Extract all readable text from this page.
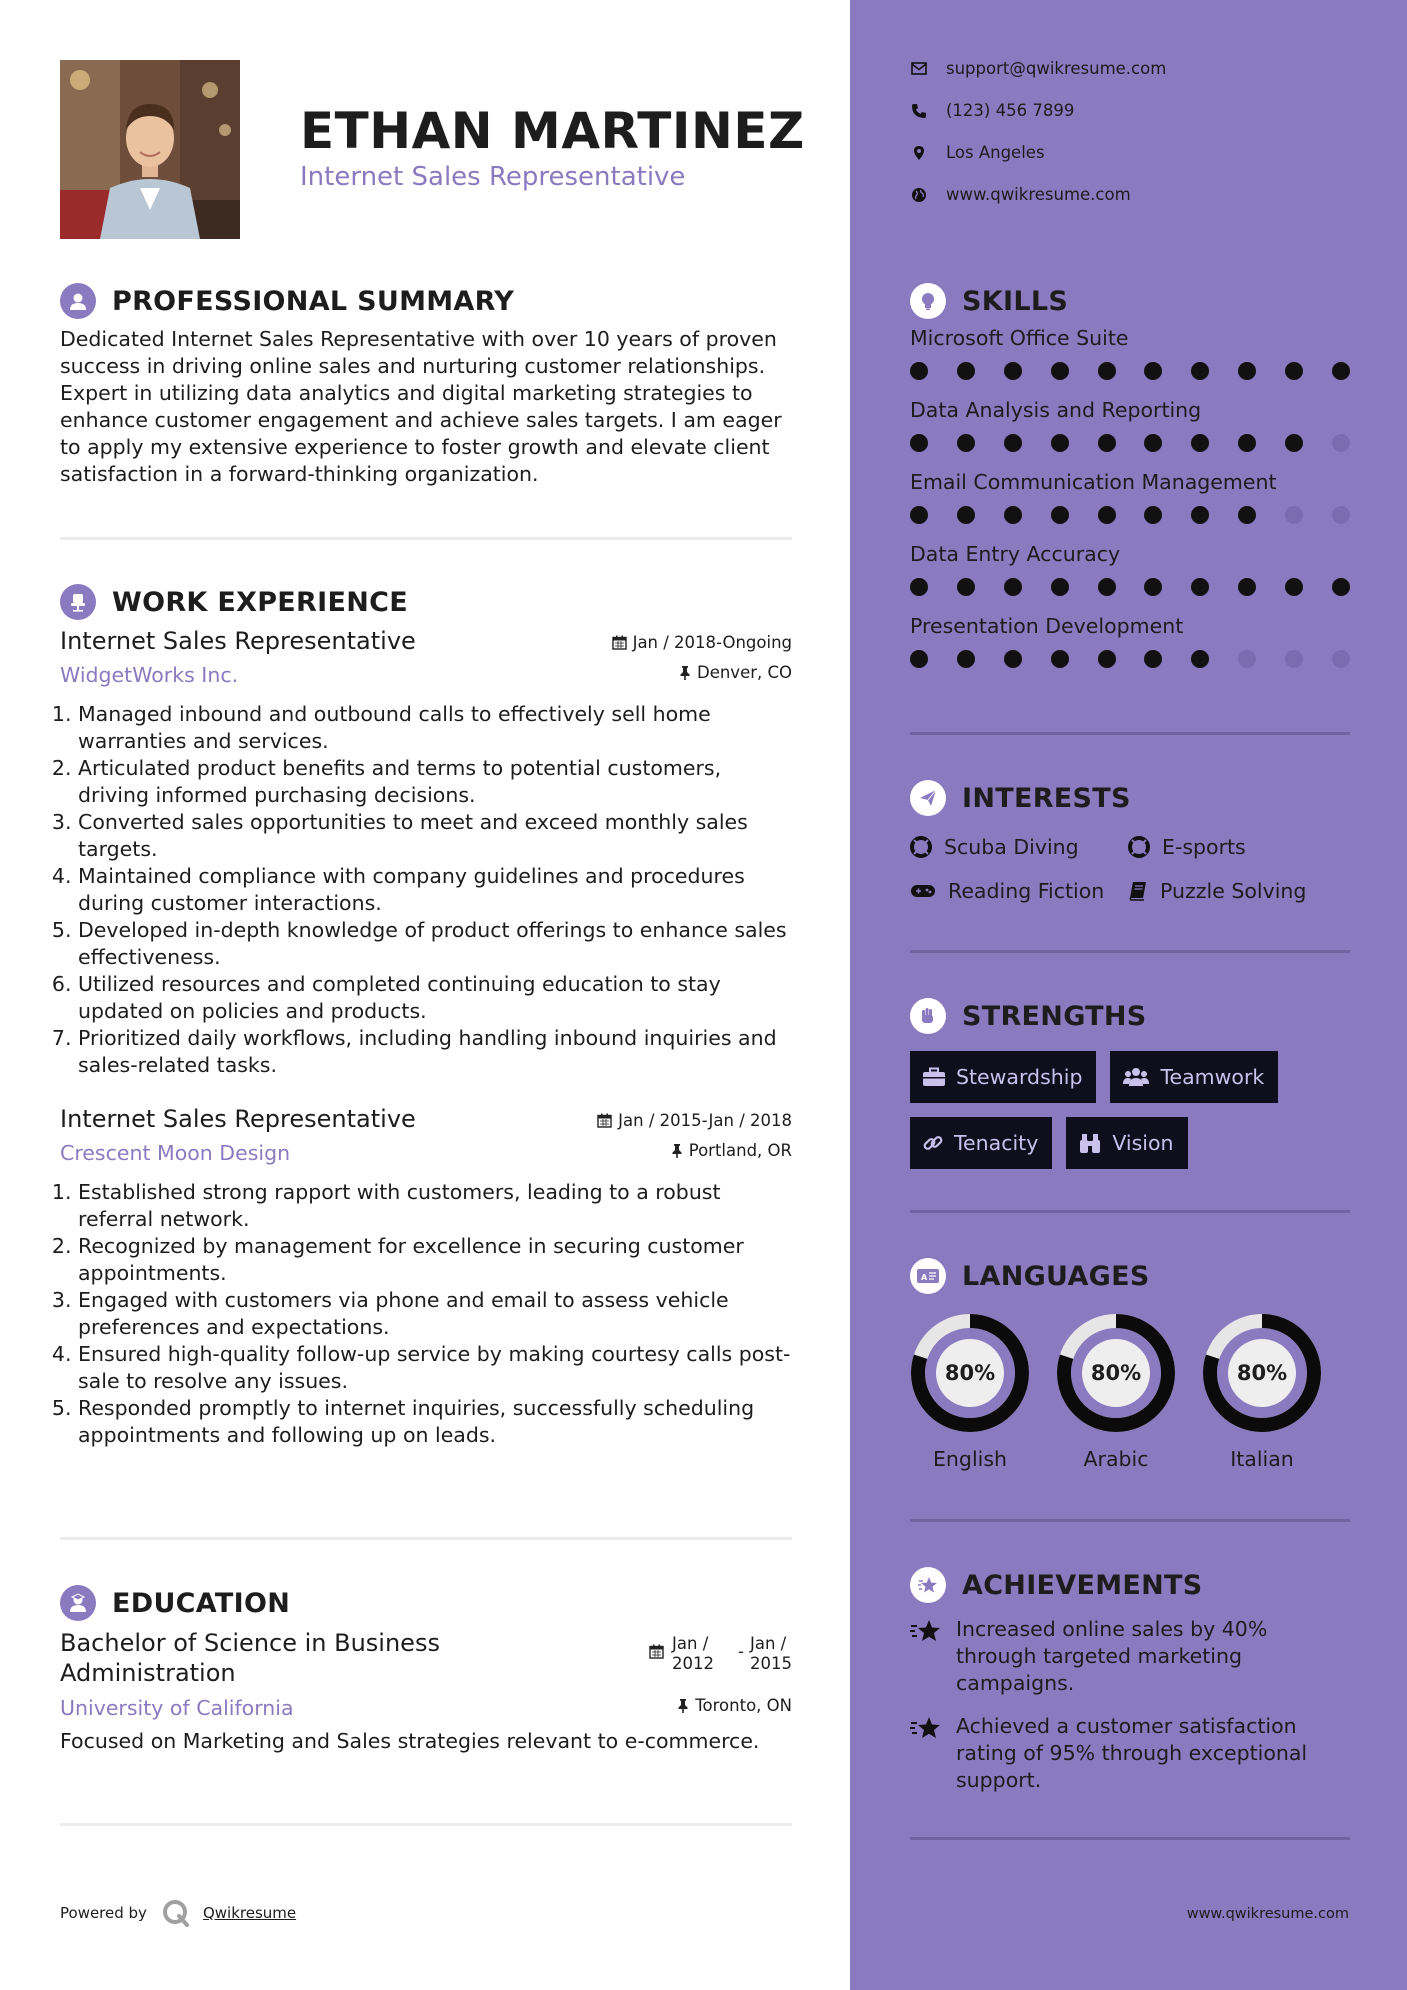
ETHAN MARTINEZ
Internet Sales Representative
PROFESSIONAL SUMMARY
Dedicated Internet Sales Representative with over 10 years of proven success in driving online sales and nurturing customer relationships. Expert in utilizing data analytics and digital marketing strategies to enhance customer engagement and achieve sales targets. I am eager to apply my extensive experience to foster growth and elevate client satisfaction in a forward-thinking organization.
WORK EXPERIENCE
Internet Sales Representative	Jan / 2018-Ongoing
WidgetWorks Inc.	Denver, CO
1. Managed inbound and outbound calls to effectively sell home warranties and services.
2. Articulated product benefits and terms to potential customers, driving informed purchasing decisions.
3. Converted sales opportunities to meet and exceed monthly sales targets.
4. Maintained compliance with company guidelines and procedures during customer interactions.
5. Developed in-depth knowledge of product offerings to enhance sales effectiveness.
6. Utilized resources and completed continuing education to stay updated on policies and products.
7. Prioritized daily workflows, including handling inbound inquiries and sales-related tasks.
Internet Sales Representative	Jan / 2015-Jan / 2018
Crescent Moon Design	Portland, OR
1. Established strong rapport with customers, leading to a robust referral network.
2. Recognized by management for excellence in securing customer appointments.
3. Engaged with customers via phone and email to assess vehicle preferences and expectations.
4. Ensured high-quality follow-up service by making courtesy calls post-sale to resolve any issues.
5. Responded promptly to internet inquiries, successfully scheduling appointments and following up on leads.
EDUCATION
Bachelor of Science in Business
Administration
Jan /
2012
- Jan /
2015
University of California	Toronto, ON
Focused on Marketing and Sales strategies relevant to e-commerce.
Powered by	Qwikresume	www.qwikresume.com
support@qwikresume.com
(123) 456 7899
Los Angeles
www.qwikresume.com
SKILLS
Microsoft Office Suite
Data Analysis and Reporting
Email Communication Management
Data Entry Accuracy
Presentation Development
INTERESTS
Scuba Diving	E-sports
Reading Fiction	Puzzle Solving
STRENGTHS
Stewardship	Teamwork
Tenacity	Vision
A LANGUAGES
80%
English
80%
Arabic
80%
Italian
ACHIEVEMENTS
Increased online sales by 40% through targeted marketing campaigns.
Achieved a customer satisfaction rating of 95% through exceptional support.
